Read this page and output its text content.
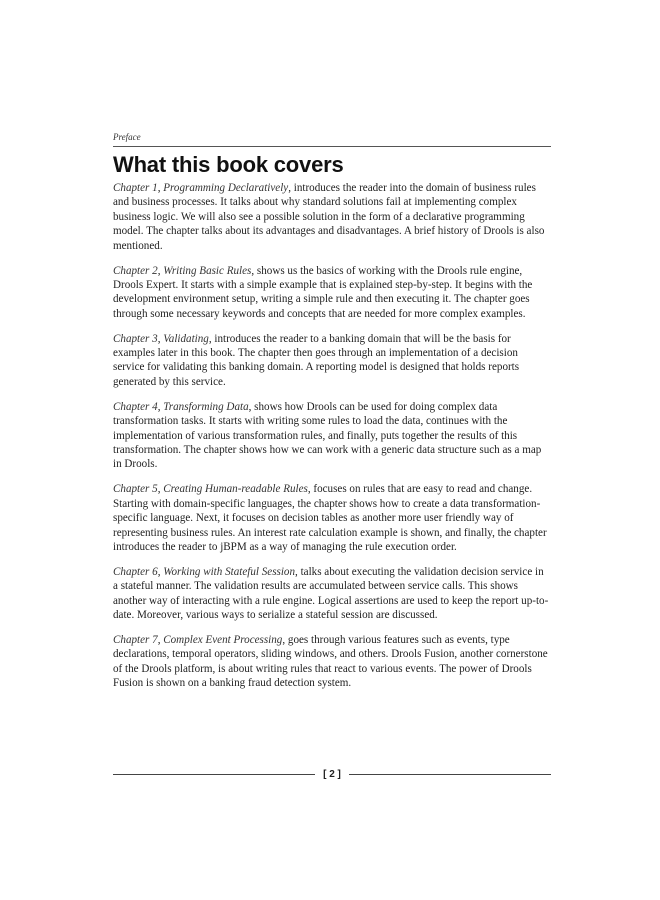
Preface
What this book covers

Chapter 1, Programming Declaratively, introduces the reader into the domain of business rules and business processes. It talks about why standard solutions fail at implementing complex business logic. We will also see a possible solution in the form of a declarative programming model. The chapter talks about its advantages and disadvantages. A brief history of Drools is also mentioned.

Chapter 2, Writing Basic Rules, shows us the basics of working with the Drools rule engine, Drools Expert. It starts with a simple example that is explained step-by-step. It begins with the development environment setup, writing a simple rule and then executing it. The chapter goes through some necessary keywords and concepts that are needed for more complex examples.

Chapter 3, Validating, introduces the reader to a banking domain that will be the basis for examples later in this book. The chapter then goes through an implementation of a decision service for validating this banking domain. A reporting model is designed that holds reports generated by this service.

Chapter 4, Transforming Data, shows how Drools can be used for doing complex data transformation tasks. It starts with writing some rules to load the data, continues with the implementation of various transformation rules, and finally, puts together the results of this transformation. The chapter shows how we can work with a generic data structure such as a map in Drools.

Chapter 5, Creating Human-readable Rules, focuses on rules that are easy to read and change. Starting with domain-specific languages, the chapter shows how to create a data transformation-specific language. Next, it focuses on decision tables as another more user friendly way of representing business rules. An interest rate calculation example is shown, and finally, the chapter introduces the reader to jBPM as a way of managing the rule execution order.

Chapter 6, Working with Stateful Session, talks about executing the validation decision service in a stateful manner. The validation results are accumulated between service calls. This shows another way of interacting with a rule engine. Logical assertions are used to keep the report up-to-date. Moreover, various ways to serialize a stateful session are discussed.

Chapter 7, Complex Event Processing, goes through various features such as events, type declarations, temporal operators, sliding windows, and others. Drools Fusion, another cornerstone of the Drools platform, is about writing rules that react to various events. The power of Drools Fusion is shown on a banking fraud detection system.

[ 2 ]
